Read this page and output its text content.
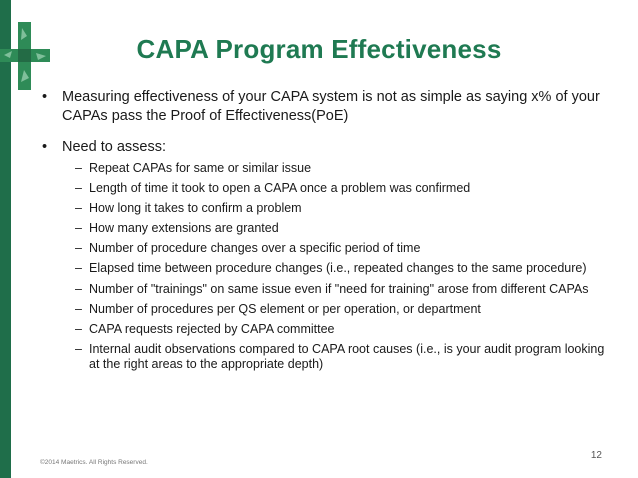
CAPA Program Effectiveness
• Measuring effectiveness of your CAPA system is not as simple as saying x% of your CAPAs pass the Proof of Effectiveness(PoE)
• Need to assess:
– Repeat CAPAs for same or similar issue
– Length of time it took to open a CAPA once a problem was confirmed
– How long it takes to confirm a problem
– How many extensions are granted
– Number of procedure changes over a specific period of time
– Elapsed time between procedure changes (i.e., repeated changes to the same procedure)
– Number of "trainings" on same issue even if "need for training" arose from different CAPAs
– Number of procedures per QS element or per operation, or department
– CAPA requests rejected by CAPA committee
– Internal audit observations compared to CAPA root causes (i.e., is your audit program looking at the right areas to the appropriate depth)
12
©2014 Maetrics. All Rights Reserved.
